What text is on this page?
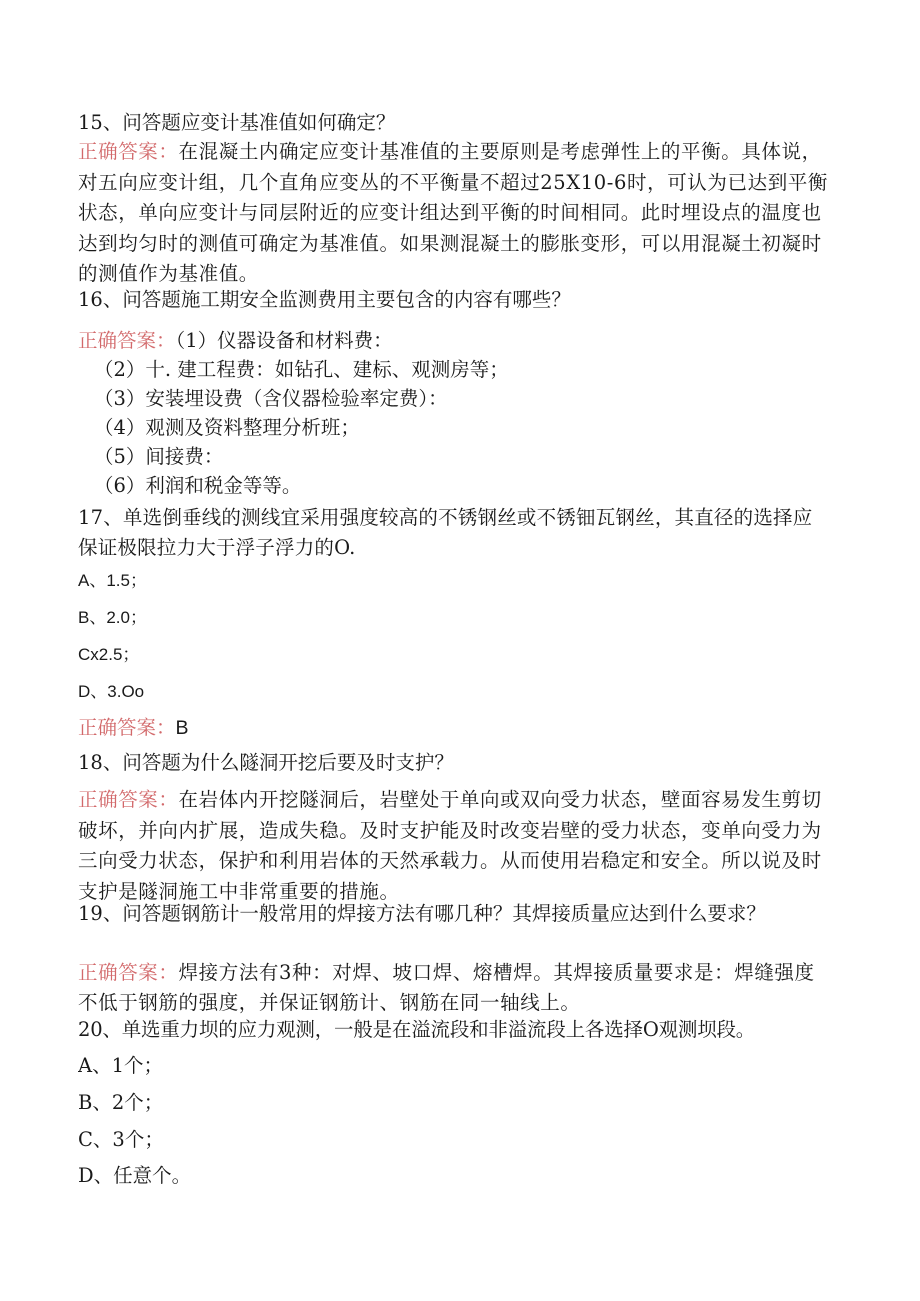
15、问答题应变计基准值如何确定？
正确答案：在混凝土内确定应变计基准值的主要原则是考虑弹性上的平衡。具体说，对五向应变计组，几个直角应变丛的不平衡量不超过25X10-6时，可认为已达到平衡状态，单向应变计与同层附近的应变计组达到平衡的时间相同。此时埋设点的温度也达到均匀时的测值可确定为基准值。如果测混凝土的膨胀变形，可以用混凝土初凝时的测值作为基准值。
16、问答题施工期安全监测费用主要包含的内容有哪些？
正确答案：（1）仪器设备和材料费：
（2）十. 建工程费：如钻孔、建标、观测房等；
（3）安装埋设费（含仪器检验率定费）：
（4）观测及资料整理分析班；
（5）间接费：
（6）利润和税金等等。
17、单选倒垂线的测线宜采用强度较高的不锈钢丝或不锈钿瓦钢丝，其直径的选择应保证极限拉力大于浮子浮力的O.
A、1.5；
B、2.0；
Cx2.5；
D、3.Oo
正确答案：B
18、问答题为什么隧洞开挖后要及时支护？
正确答案：在岩体内开挖隧洞后，岩壁处于单向或双向受力状态，壁面容易发生剪切破坏，并向内扩展，造成失稳。及时支护能及时改变岩壁的受力状态，变单向受力为三向受力状态，保护和利用岩体的天然承载力。从而使用岩稳定和安全。所以说及时支护是隧洞施工中非常重要的措施。
19、问答题钢筋计一般常用的焊接方法有哪几种？其焊接质量应达到什么要求？
正确答案：焊接方法有3种：对焊、坡口焊、熔槽焊。其焊接质量要求是：焊缝强度不低于钢筋的强度，并保证钢筋计、钢筋在同一轴线上。
20、单选重力坝的应力观测，一般是在溢流段和非溢流段上各选择O观测坝段。
A、1个；
B、2个；
C、3个；
D、任意个。
